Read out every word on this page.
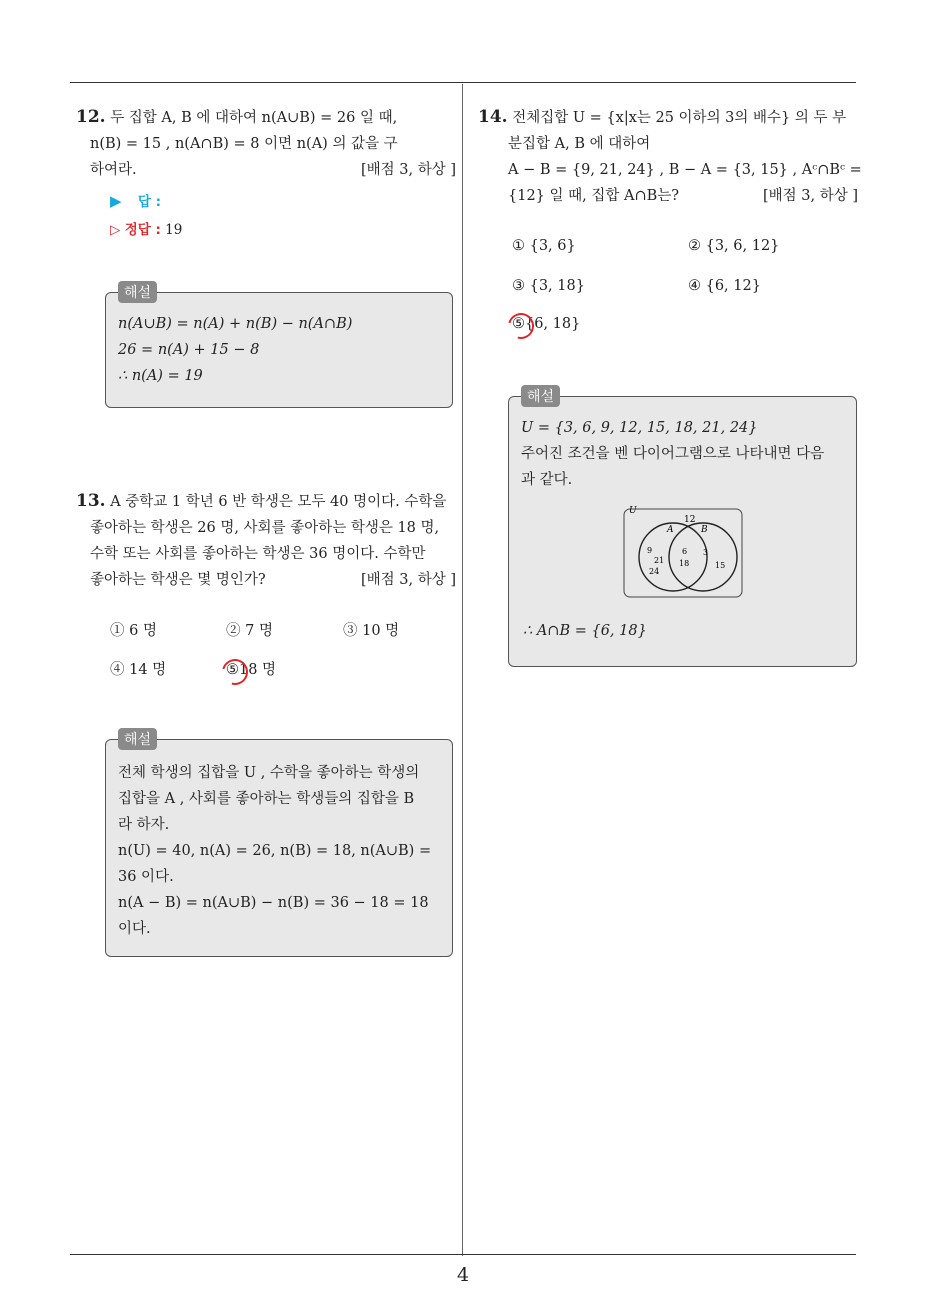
4
12. 두 집합 A, B 에 대하여 n(A∪B) = 26 일 때,
n(B) = 15 , n(A∩B) = 8 이면 n(A) 의 값을 구
하여라.	[배점 3, 하상 ]
▶ 답 :
▷ 정답 : 19
해설
n(A∪B) = n(A) + n(B) − n(A∩B)
26 = n(A) + 15 − 8
∴ n(A) = 19
13. A 중학교 1 학년 6 반 학생은 모두 40 명이다. 수학을
좋아하는 학생은 26 명, 사회를 좋아하는 학생은 18 명,
수학 또는 사회를 좋아하는 학생은 36 명이다. 수학만
좋아하는 학생은 몇 명인가?	[배점 3, 하상 ]
① 6 명	② 7 명	③ 10 명
④ 14 명	⑤18 명
해설
전체 학생의 집합을 U , 수학을 좋아하는 학생의
집합을 A , 사회를 좋아하는 학생들의 집합을 B
라 하자.
n(U) = 40, n(A) = 26, n(B) = 18, n(A∪B) =
36 이다.
n(A − B) = n(A∪B) − n(B) = 36 − 18 = 18
이다.
14. 전체집합 U = {x|x는 25 이하의 3의 배수} 의 두 부
분집합 A, B 에 대하여
A − B = {9, 21, 24} , B − A = {3, 15} , Aᶜ∩Bᶜ =
{12} 일 때, 집합 A∩B는?	[배점 3, 하상 ]
① {3, 6}	② {3, 6, 12}
③ {3, 18}	④ {6, 12}
⑤{6, 18}
해설
U = {3, 6, 9, 12, 15, 18, 21, 24}
주어진 조건을 벤 다이어그램으로 나타내면 다음
과 같다.
U
A	B
12
9
21
24
6
18
3
15
∴ A∩B = {6, 18}
